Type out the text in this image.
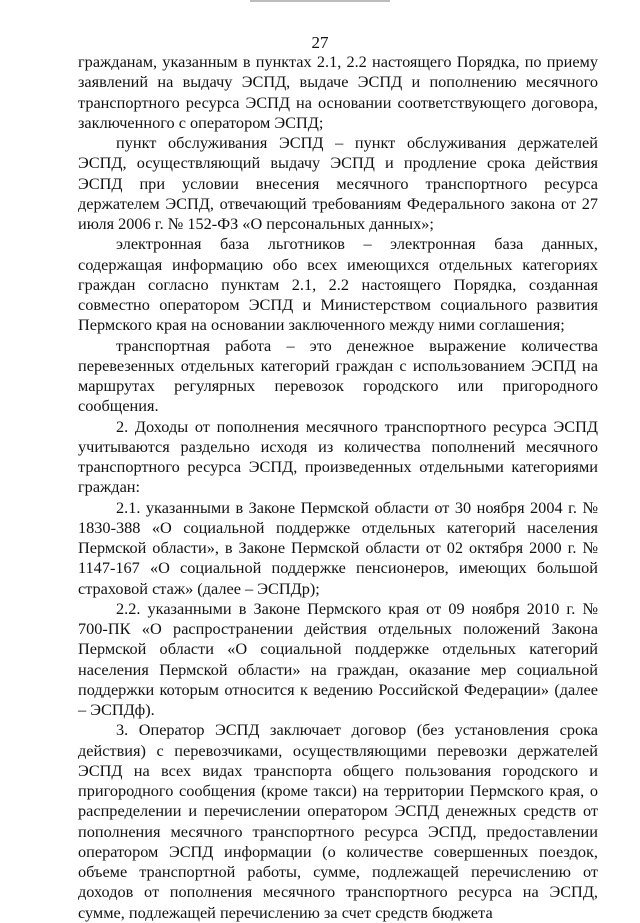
27

гражданам, указанным в пунктах 2.1, 2.2 настоящего Порядка, по приему заявлений на выдачу ЭСПД, выдаче ЭСПД и пополнению месячного транспортного ресурса ЭСПД на основании соответствующего договора, заключенного с оператором ЭСПД;

пункт обслуживания ЭСПД – пункт обслуживания держателей ЭСПД, осуществляющий выдачу ЭСПД и продление срока действия ЭСПД при условии внесения месячного транспортного ресурса держателем ЭСПД, отвечающий требованиям Федерального закона от 27 июля 2006 г. № 152-ФЗ «О персональных данных»;

электронная база льготников – электронная база данных, содержащая информацию обо всех имеющихся отдельных категориях граждан согласно пунктам 2.1, 2.2 настоящего Порядка, созданная совместно оператором ЭСПД и Министерством социального развития Пермского края на основании заключенного между ними соглашения;

транспортная работа – это денежное выражение количества перевезенных отдельных категорий граждан с использованием ЭСПД на маршрутах регулярных перевозок городского или пригородного сообщения.

2. Доходы от пополнения месячного транспортного ресурса ЭСПД учитываются раздельно исходя из количества пополнений месячного транспортного ресурса ЭСПД, произведенных отдельными категориями граждан:

2.1. указанными в Законе Пермской области от 30 ноября 2004 г. № 1830-388 «О социальной поддержке отдельных категорий населения Пермской области», в Законе Пермской области от 02 октября 2000 г. № 1147-167 «О социальной поддержке пенсионеров, имеющих большой страховой стаж» (далее – ЭСПДр);

2.2. указанными в Законе Пермского края от 09 ноября 2010 г. № 700-ПК «О распространении действия отдельных положений Закона Пермской области «О социальной поддержке отдельных категорий населения Пермской области» на граждан, оказание мер социальной поддержки которым относится к ведению Российской Федерации» (далее – ЭСПДф).

3. Оператор ЭСПД заключает договор (без установления срока действия) с перевозчиками, осуществляющими перевозки держателей ЭСПД на всех видах транспорта общего пользования городского и пригородного сообщения (кроме такси) на территории Пермского края, о распределении и перечислении оператором ЭСПД денежных средств от пополнения месячного транспортного ресурса ЭСПД, предоставлении оператором ЭСПД информации (о количестве совершенных поездок, объеме транспортной работы, сумме, подлежащей перечислению от доходов от пополнения месячного транспортного ресурса на ЭСПД, сумме, подлежащей перечислению за счет средств бюджета
